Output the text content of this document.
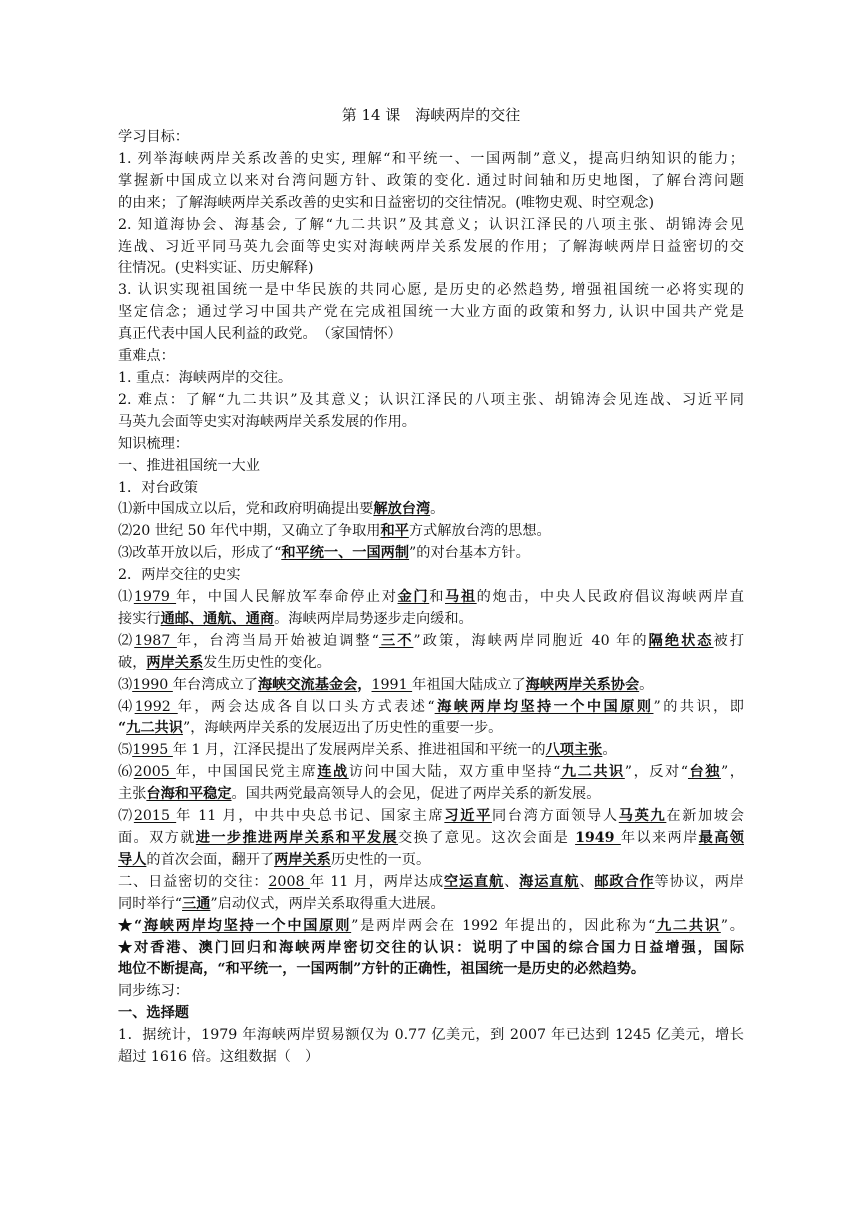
第 14 课　海峡两岸的交往

学习目标：

1. 列举海峡两岸关系改善的史实, 理解“和平统一、一国两制”意义，提高归纳知识的能力；

掌握新中国成立以来对台湾问题方针、政策的变化. 通过时间轴和历史地图，了解台湾问题

的由来；了解海峡两岸关系改善的史实和日益密切的交往情况。(唯物史观、时空观念)

2. 知道海协会、海基会, 了解“九二共识”及其意义；认识江泽民的八项主张、胡锦涛会见

连战、习近平同马英九会面等史实对海峡两岸关系发展的作用；了解海峡两岸日益密切的交

往情况。(史料实证、历史解释)

3. 认识实现祖国统一是中华民族的共同心愿, 是历史的必然趋势, 增强祖国统一必将实现的

坚定信念；通过学习中国共产党在完成祖国统一大业方面的政策和努力, 认识中国共产党是

真正代表中国人民利益的政党。　（家国情怀）

重难点：

1. 重点：海峡两岸的交往。

2. 难点：了解“九二共识”及其意义；认识江泽民的八项主张、胡锦涛会见连战、习近平同

马英九会面等史实对海峡两岸关系发展的作用。

知识梳理：

一、推进祖国统一大业

1．对台政策

⑴新中国成立以后，党和政府明确提出要解放台湾。

⑵20 世纪 50 年代中期，又确立了争取用和平方式解放台湾的思想。

⑶改革开放以后，形成了“和平统一、一国两制”的对台基本方针。

2．两岸交往的史实

⑴1979 年，中国人民解放军奉命停止对金门和马祖的炮击，中央人民政府倡议海峡两岸直

接实行通邮、通航、通商。海峡两岸局势逐步走向缓和。

⑵1987 年，台湾当局开始被迫调整“三不”政策，海峡两岸同胞近 40 年的隔绝状态被打

破，两岸关系发生历史性的变化。

⑶1990 年台湾成立了海峡交流基金会，1991 年祖国大陆成立了海峡两岸关系协会。

⑷1992 年，两会达成各自以口头方式表述“海峡两岸均坚持一个中国原则”的共识，即

“九二共识”，海峡两岸关系的发展迈出了历史性的重要一步。

⑸1995 年 1 月，江泽民提出了发展两岸关系、推进祖国和平统一的八项主张。

⑹2005 年，中国国民党主席连战访问中国大陆，双方重申坚持“九二共识”，反对“台独”，

主张台海和平稳定。国共两党最高领导人的会见，促进了两岸关系的新发展。

⑺2015 年 11 月，中共中央总书记、国家主席习近平同台湾方面领导人马英九在新加坡会

面。双方就进一步推进两岸关系和平发展交换了意见。这次会面是 1949 年以来两岸最高领

导人的首次会面，翻开了两岸关系历史性的一页。

二、日益密切的交往：2008 年 11 月，两岸达成空运直航、海运直航、邮政合作等协议，两岸

同时举行“三通”启动仪式，两岸关系取得重大进展。

★“海峡两岸均坚持一个中国原则”是两岸两会在 1992 年提出的，因此称为“九二共识”。

★对香港、澳门回归和海峡两岸密切交往的认识：说明了中国的综合国力日益增强，国际

地位不断提高，“和平统一，一国两制”方针的正确性，祖国统一是历史的必然趋势。

同步练习：

一、选择题

1．据统计，1979 年海峡两岸贸易额仅为 0.77 亿美元，到 2007 年已达到 1245 亿美元，增长

超过 1616 倍。这组数据（　）
